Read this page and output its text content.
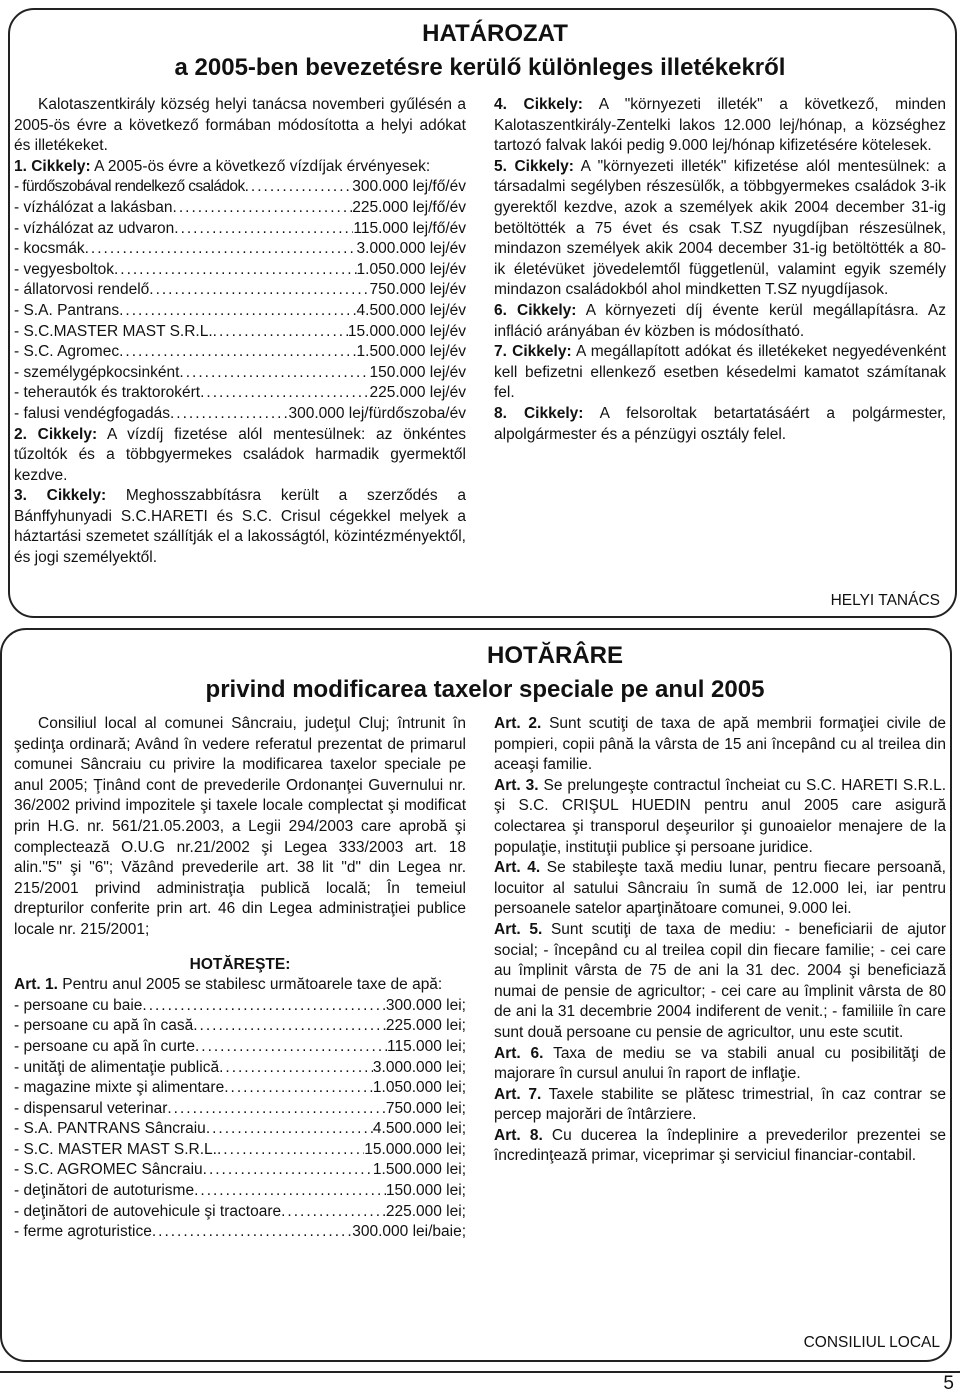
HATÁROZAT
a 2005-ben bevezetésre kerülő különleges illetékekről

Kalotaszentkirály község helyi tanácsa novemberi gyűlésén a 2005-ös évre a következő formában módosította a helyi adókat és illetékeket.

1. Cikkely: A 2005-ös évre a következő vízdíjak érvényesek:

- fürdőszobával rendelkező családok .....	300.000 lej/fő/év
- vízhálózat a lakásban .....	225.000 lej/fő/év
- vízhálózat az udvaron .....	115.000 lej/fő/év
- kocsmák .....	3.000.000 lej/év
- vegyesboltok .....	1.050.000 lej/év
- állatorvosi rendelő .....	750.000 lej/év
- S.A. Pantrans .....	4.500.000 lej/év
- S.C.MASTER MAST S.R.L. .....	15.000.000 lej/év
- S.C. Agromec .....	1.500.000 lej/év
- személygépkocsinként .....	150.000 lej/év
- teherautók és traktorokért .....	225.000 lej/év
- falusi vendégfogadás .....	300.000 lej/fürdőszoba/év

2. Cikkely: A vízdíj fizetése alól mentesülnek: az önkéntes tűzoltók és a többgyermekes családok harmadik gyermektől kezdve.

3. Cikkely: Meghosszabbításra került a szerződés a Bánffyhunyadi S.C.HARETI és S.C. Crisul cégekkel melyek a háztartási szemetet szállítják el a lakosságtól, közintézményektől, és jogi személyektől.

4. Cikkely: A "környezeti illeték" a következő, minden Kalotaszentkirály-Zentelki lakos 12.000 lej/hónap, a községhez tartozó falvak lakói pedig 9.000 lej/hónap kifizetésére kötelesek.

5. Cikkely: A "környezeti illeték" kifizetése alól mentesülnek: a társadalmi segélyben részesülők, a többgyermekes családok 3-ik gyerektől kezdve, azok a személyek akik 2004 december 31-ig betöltötték a 75 évet és csak T.SZ nyugdíjban részesülnek, mindazon személyek akik 2004 december 31-ig betöltötték a 80-ik életévüket jövedelemtől függetlenül, valamint egyik személy mindazon családokból ahol mindketten T.SZ nyugdíjasok.

6. Cikkely: A környezeti díj évente kerül megállapításra. Az infláció arányában év közben is módosítható.

7. Cikkely: A megállapított adókat és illetékeket negyedévenként kell befizetni ellenkező esetben késedelmi kamatot számítanak fel.

8. Cikkely: A felsoroltak betartatásáért a polgármester, alpolgármester és a pénzügyi osztály felel.

HELYI TANÁCS
HOTĂRÂRE
privind modificarea taxelor speciale pe anul 2005

Consiliul local al comunei Sâncraiu, judeţul Cluj; întrunit în şedinţa ordinară; Având în vedere referatul prezentat de primarul comunei Sâncraiu cu privire la modificarea taxelor speciale pe anul 2005; Ţinând cont de prevederile Ordonanţei Guvernului nr. 36/2002 privind impozitele şi taxele locale complectat şi modificat prin H.G. nr. 561/21.05.2003, a Legii 294/2003 care aprobă şi complectează O.U.G nr.21/2002 şi Legea 333/2003 art. 18 alin."5" şi "6"; Văzând prevederile art. 38 lit "d" din Legea nr. 215/2001 privind administraţia publică locală; În temeiul drepturilor conferite prin art. 46 din Legea administraţiei publice locale nr. 215/2001;

HOTĂREŞTE:

Art. 1. Pentru anul 2005 se stabilesc următoarele taxe de apă:

- persoane cu baie .....	300.000 lei;
- persoane cu apă în casă .....	225.000 lei;
- persoane cu apă în curte .....	115.000 lei;
- unităţi de alimentaţie publică .....	3.000.000 lei;
- magazine mixte şi alimentare .....	1.050.000 lei;
- dispensarul veterinar .....	750.000 lei;
- S.A. PANTRANS Sâncraiu .....	4.500.000 lei;
- S.C. MASTER MAST S.R.L. .....	15.000.000 lei;
- S.C. AGROMEC Sâncraiu .....	1.500.000 lei;
- deţinători de autoturisme .....	150.000 lei;
- deţinători de autovehicule şi tractoare .....	225.000 lei;
- ferme agroturistice .....	300.000 lei/baie;

Art. 2. Sunt scutiţi de taxa de apă membrii formaţiei civile de pompieri, copii până la vârsta de 15 ani începând cu al treilea din aceaşi familie.

Art. 3. Se prelungeşte contractul încheiat cu S.C. HARETI S.R.L. şi S.C. CRIŞUL HUEDIN pentru anul 2005 care asigură colectarea şi transporul deşeurilor şi gunoaielor menajere de la populaţie, instituţii publice şi persoane juridice.

Art. 4. Se stabileşte taxă mediu lunar, pentru fiecare persoană, locuitor al satului Sâncraiu în sumă de 12.000 lei, iar pentru persoanele satelor aparţinătoare comunei, 9.000 lei.

Art. 5. Sunt scutiţi de taxa de mediu: - beneficiarii de ajutor social; - începând cu al treilea copil din fiecare familie; - cei care au împlinit vârsta de 75 de ani la 31 dec. 2004 şi beneficiază numai de pensie de agricultor; - cei care au împlinit vârsta de 80 de ani la 31 decembrie 2004 indiferent de venit.; - familiile în care sunt două persoane cu pensie de agricultor, unu este scutit.

Art. 6. Taxa de mediu se va stabili anual cu posibilităţi de majorare în cursul anului în raport de inflaţie.

Art. 7. Taxele stabilite se plătesc trimestrial, în caz contrar se percep majorări de întârziere.

Art. 8. Cu ducerea la îndeplinire a prevederilor prezentei se încredinţează primar, viceprimar şi serviciul financiar-contabil.

CONSILIUL LOCAL
5
